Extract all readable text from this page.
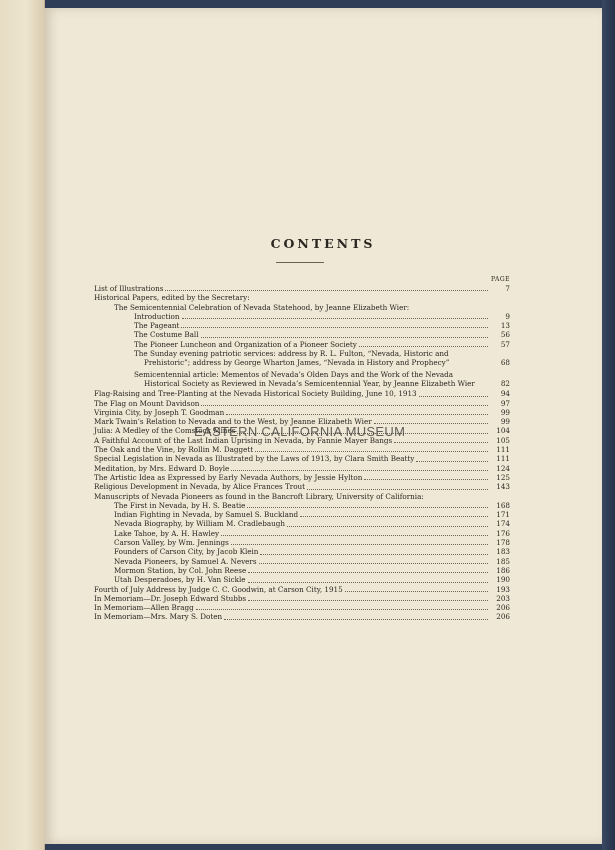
CONTENTS
PAGE
List of Illustrations	7
Historical Papers, edited by the Secretary:
The Semicentennial Celebration of Nevada Statehood, by Jeanne Elizabeth Wier:
Introduction	9
The Pageant	13
The Costume Ball	56
The Pioneer Luncheon and Organization of a Pioneer Society	57
The Sunday evening patriotic services: address by R. L. Fulton, “Nevada, Historic and Prehistoric”; address by George Wharton James, “Nevada in History and Prophecy”	68
Semicentennial article: Mementos of Nevada’s Olden Days and the Work of the Nevada Historical Society as Reviewed in Nevada’s Semicentennial Year, by Jeanne Elizabeth Wier	82
Flag-Raising and Tree-Planting at the Nevada Historical Society Building, June 10, 1913	94
The Flag on Mount Davidson	97
Virginia City, by Joseph T. Goodman	99
Mark Twain’s Relation to Nevada and to the West, by Jeanne Elizabeth Wier	99
Julia: A Medley of the Comstock Mines	104
A Faithful Account of the Last Indian Uprising in Nevada, by Fannie Mayer Bangs	105
The Oak and the Vine, by Rollin M. Daggett	111
Special Legislation in Nevada as Illustrated by the Laws of 1913, by Clara Smith Beatty	111
Meditation, by Mrs. Edward D. Boyle	124
The Artistic Idea as Expressed by Early Nevada Authors, by Jessie Hylton	125
Religious Development in Nevada, by Alice Frances Trout	143
Manuscripts of Nevada Pioneers as found in the Bancroft Library, University of California:
The First in Nevada, by H. S. Beatie	168
Indian Fighting in Nevada, by Samuel S. Buckland	171
Nevada Biography, by William M. Cradlebaugh	174
Lake Tahoe, by A. H. Hawley	176
Carson Valley, by Wm. Jennings	178
Founders of Carson City, by Jacob Klein	183
Nevada Pioneers, by Samuel A. Nevers	185
Mormon Station, by Col. John Reese	186
Utah Desperadoes, by H. Van Sickle	190
Fourth of July Address by Judge C. C. Goodwin, at Carson City, 1915	193
In Memoriam—Dr. Joseph Edward Stubbs	203
In Memoriam—Allen Bragg	206
In Memoriam—Mrs. Mary S. Doten	206
EASTERN CALIFORNIA MUSEUM
